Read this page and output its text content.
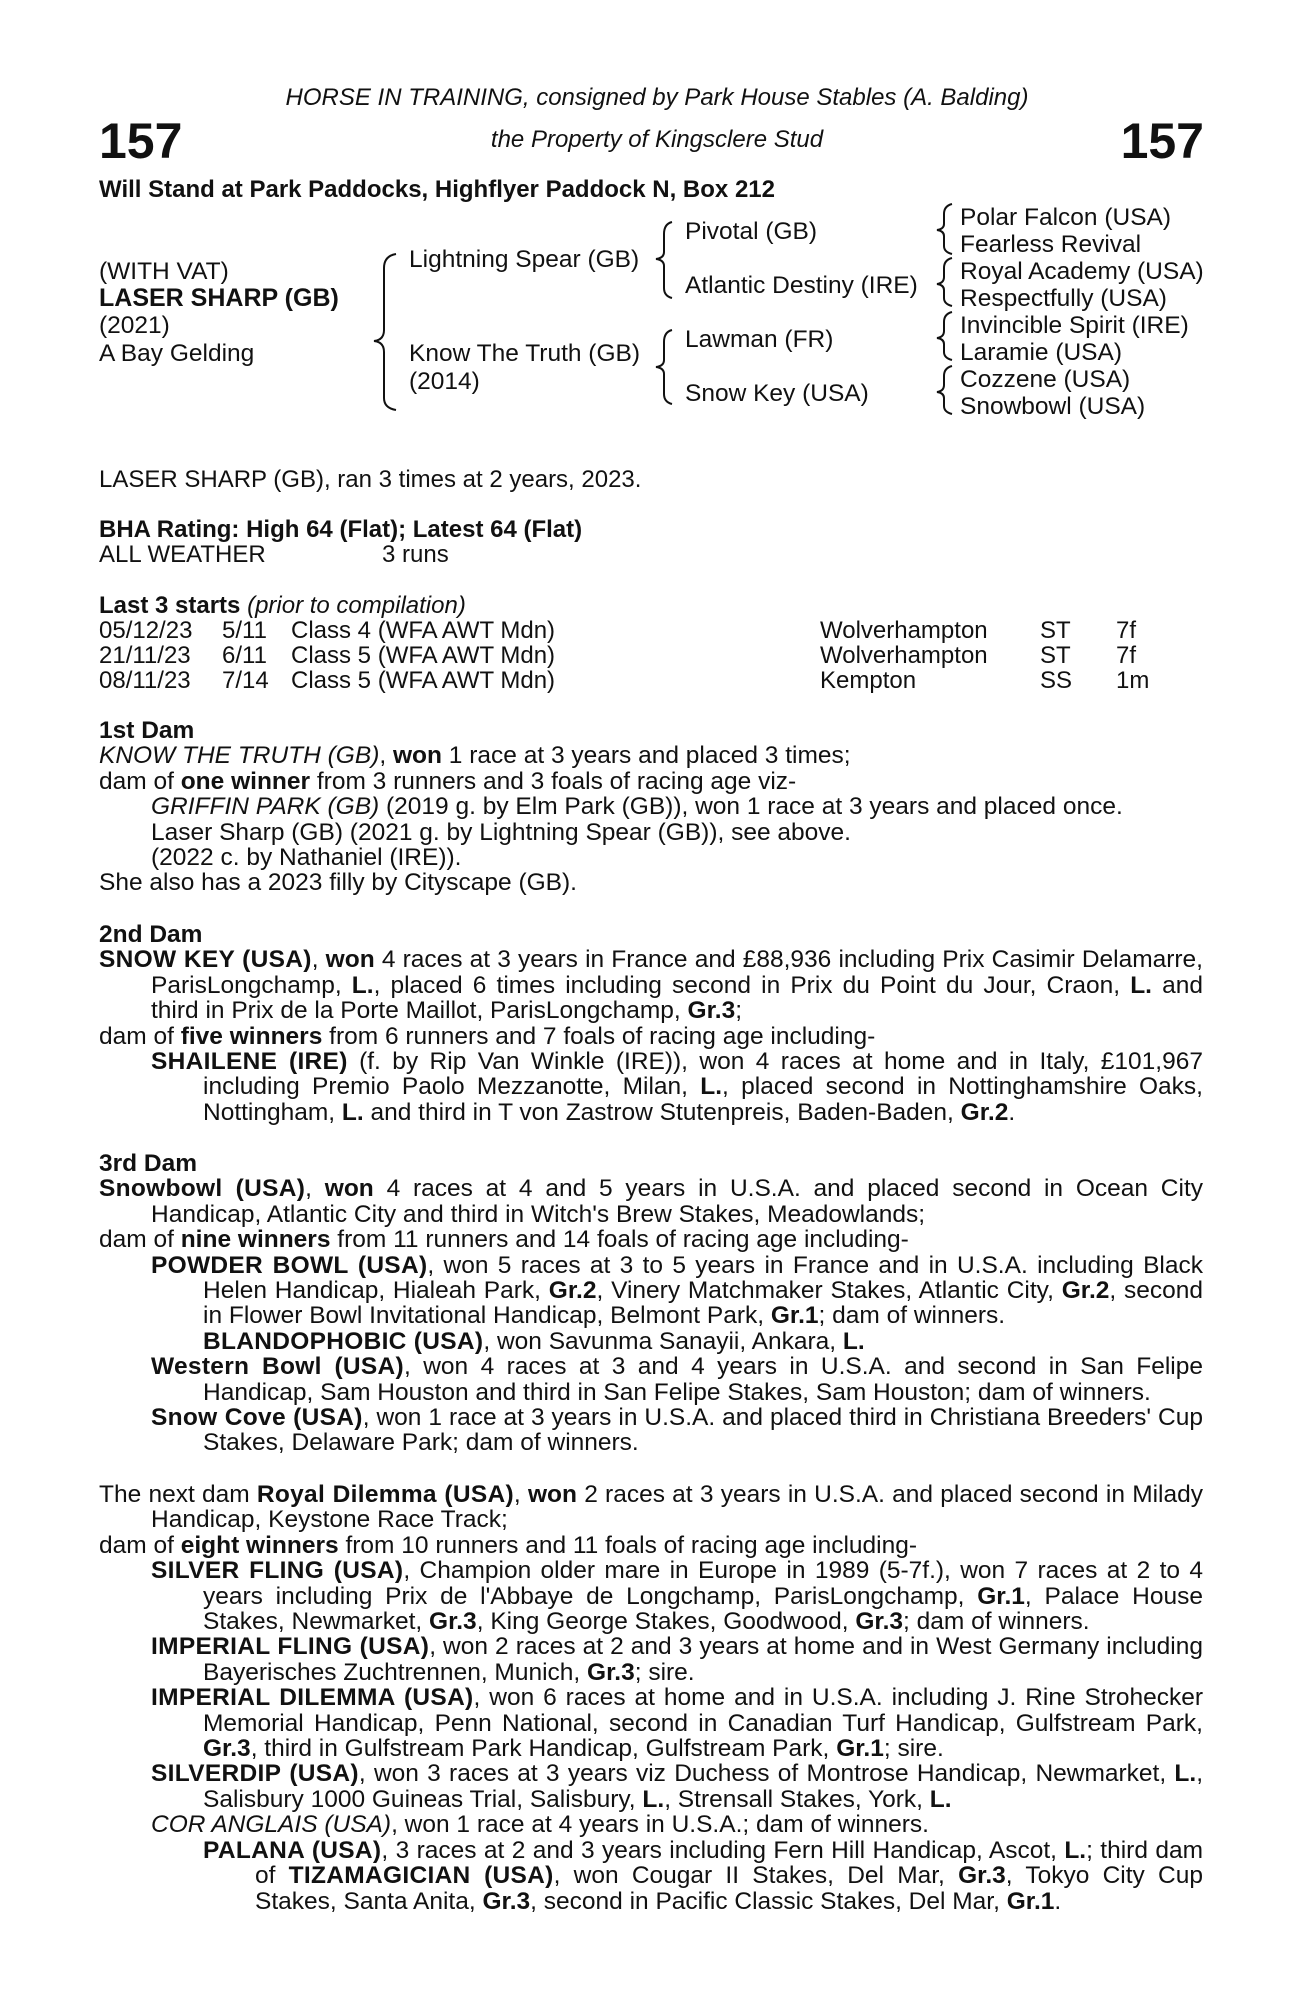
157	157
HORSE IN TRAINING, consigned by Park House Stables (A. Balding)
the Property of Kingsclere Stud
Will Stand at Park Paddocks, Highflyer Paddock N, Box 212
(WITH VAT)
LASER SHARP (GB)
(2021)
A Bay Gelding
Lightning Spear (GB)
Know The Truth (GB)
(2014)
Pivotal (GB)
Atlantic Destiny (IRE)
Lawman (FR)
Snow Key (USA)
Polar Falcon (USA)
Fearless Revival
Royal Academy (USA)
Respectfully (USA)
Invincible Spirit (IRE)
Laramie (USA)
Cozzene (USA)
Snowbowl (USA)
LASER SHARP (GB), ran 3 times at 2 years, 2023.
BHA Rating: High 64 (Flat); Latest 64 (Flat)
ALL WEATHER	3 runs
Last 3 starts (prior to compilation)
05/12/23 5/11 Class 4 (WFA AWT Mdn)	Wolverhampton ST 7f
21/11/23 6/11 Class 5 (WFA AWT Mdn)	Wolverhampton ST 7f
08/11/23 7/14 Class 5 (WFA AWT Mdn)	Kempton	SS 1m
1st Dam

KNOW THE TRUTH (GB), won 1 race at 3 years and placed 3 times;

dam of one winner from 3 runners and 3 foals of racing age viz-

GRIFFIN PARK (GB) (2019 g. by Elm Park (GB)), won 1 race at 3 years and placed once.

Laser Sharp (GB) (2021 g. by Lightning Spear (GB)), see above.

(2022 c. by Nathaniel (IRE)).

She also has a 2023 filly by Cityscape (GB).

2nd Dam

SNOW KEY (USA), won 4 races at 3 years in France and £88,936 including Prix Casimir Delamarre, ParisLongchamp, L., placed 6 times including second in Prix du Point du Jour, Craon, L. and third in Prix de la Porte Maillot, ParisLongchamp, Gr.3;

dam of five winners from 6 runners and 7 foals of racing age including-

SHAILENE (IRE) (f. by Rip Van Winkle (IRE)), won 4 races at home and in Italy, £101,967 including Premio Paolo Mezzanotte, Milan, L., placed second in Nottinghamshire Oaks, Nottingham, L. and third in T von Zastrow Stutenpreis, Baden-Baden, Gr.2.

3rd Dam

Snowbowl (USA), won 4 races at 4 and 5 years in U.S.A. and placed second in Ocean City Handicap, Atlantic City and third in Witch's Brew Stakes, Meadowlands;

dam of nine winners from 11 runners and 14 foals of racing age including-

POWDER BOWL (USA), won 5 races at 3 to 5 years in France and in U.S.A. including Black Helen Handicap, Hialeah Park, Gr.2, Vinery Matchmaker Stakes, Atlantic City, Gr.2, second in Flower Bowl Invitational Handicap, Belmont Park, Gr.1; dam of winners.

BLANDOPHOBIC (USA), won Savunma Sanayii, Ankara, L.

Western Bowl (USA), won 4 races at 3 and 4 years in U.S.A. and second in San Felipe Handicap, Sam Houston and third in San Felipe Stakes, Sam Houston; dam of winners.

Snow Cove (USA), won 1 race at 3 years in U.S.A. and placed third in Christiana Breeders' Cup Stakes, Delaware Park; dam of winners.

The next dam Royal Dilemma (USA), won 2 races at 3 years in U.S.A. and placed second in Milady Handicap, Keystone Race Track;

dam of eight winners from 10 runners and 11 foals of racing age including-

SILVER FLING (USA), Champion older mare in Europe in 1989 (5-7f.), won 7 races at 2 to 4 years including Prix de l'Abbaye de Longchamp, ParisLongchamp, Gr.1, Palace House Stakes, Newmarket, Gr.3, King George Stakes, Goodwood, Gr.3; dam of winners.

IMPERIAL FLING (USA), won 2 races at 2 and 3 years at home and in West Germany including Bayerisches Zuchtrennen, Munich, Gr.3; sire.

IMPERIAL DILEMMA (USA), won 6 races at home and in U.S.A. including J. Rine Strohecker Memorial Handicap, Penn National, second in Canadian Turf Handicap, Gulfstream Park, Gr.3, third in Gulfstream Park Handicap, Gulfstream Park, Gr.1; sire.

SILVERDIP (USA), won 3 races at 3 years viz Duchess of Montrose Handicap, Newmarket, L., Salisbury 1000 Guineas Trial, Salisbury, L., Strensall Stakes, York, L.

COR ANGLAIS (USA), won 1 race at 4 years in U.S.A.; dam of winners.

PALANA (USA), 3 races at 2 and 3 years including Fern Hill Handicap, Ascot, L.; third dam of TIZAMAGICIAN (USA), won Cougar II Stakes, Del Mar, Gr.3, Tokyo City Cup Stakes, Santa Anita, Gr.3, second in Pacific Classic Stakes, Del Mar, Gr.1.
